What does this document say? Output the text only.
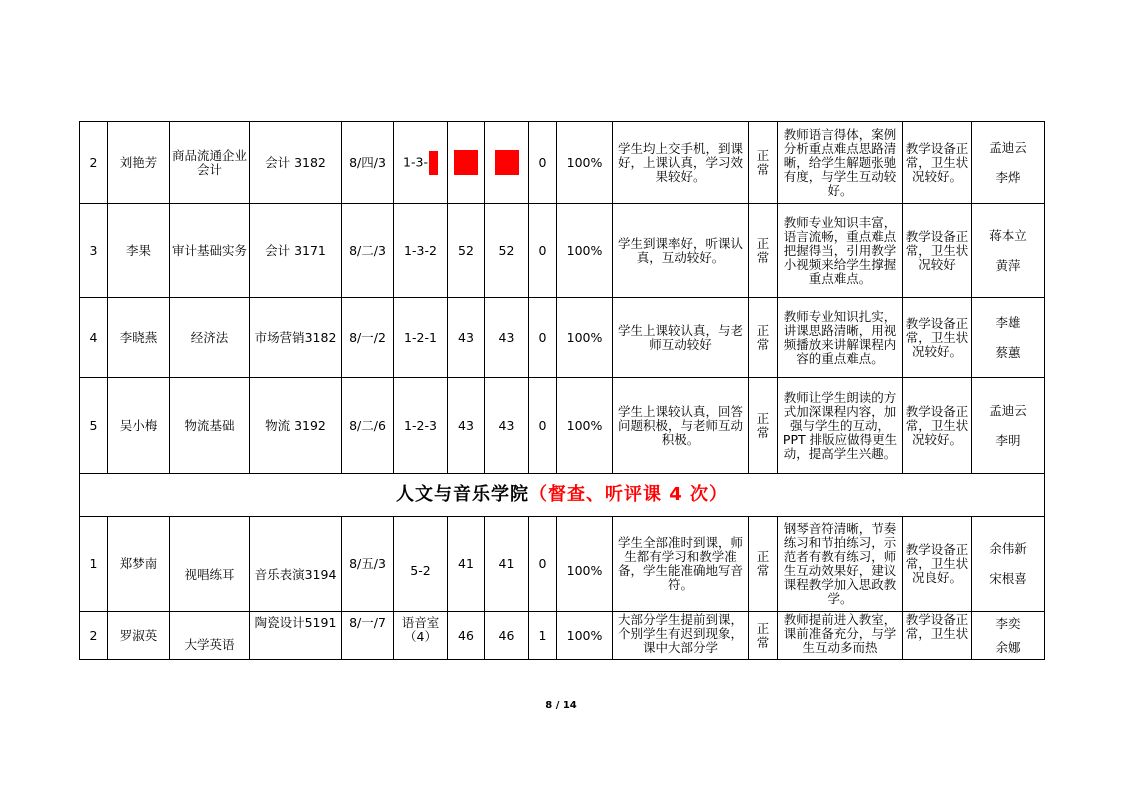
2	刘艳芳	商品流通企业会计	会计 3182	8/四/3	1-3-			0	100%	学生均上交手机，到课好，上课认真，学习效果较好。	正常	教师语言得体，案例分析重点难点思路清晰，给学生解题张驰有度，与学生互动较好。	教学设备正常，卫生状况较好。	孟迪云
李烨

3	李果	审计基础实务	会计 3171	8/二/3	1-3-2	52	52	0	100%	学生到课率好，听课认真，互动较好。	正常	教师专业知识丰富，语言流畅，重点难点把握得当，引用教学小视频来给学生撑握重点难点。	教学设备正常，卫生状况较好	蒋本立
黄萍

4	李晓燕	经济法	市场营销3182	8/一/2	1-2-1	43	43	0	100%	学生上课较认真，与老师互动较好	正常	教师专业知识扎实，讲课思路清晰，用视频播放来讲解课程内容的重点难点。	教学设备正常，卫生状况较好。	李雄
蔡蕙

5	吴小梅	物流基础	物流 3192	8/二/6	1-2-3	43	43	0	100%	学生上课较认真，回答问题积极，与老师互动积极。	正常	教师让学生朗读的方式加深课程内容，加强与学生的互动，PPT 排版应做得更生动，提高学生兴趣。	教学设备正常，卫生状况较好。	孟迪云
李明

人文与音乐学院（督查、听评课 4 次）														
1	郑梦南	视唱练耳	音乐表演3194	8/五/3	5-2	41	41	0	100%	学生全部准时到课，师生都有学习和教学准备，学生能准确地写音符。	正常	钢琴音符清晰，节奏练习和节拍练习，示范者有教有练习，师生互动效果好，建议课程教学加入思政教学。	教学设备正常，卫生状况良好。	余伟新
宋根喜

2	罗淑英	大学英语	陶瓷设计5191	8/一/7	语音室（4）	46	46	1	100%	大部分学生提前到课，个别学生有迟到现象，课中大部分学	正常	教师提前进入教室，课前准备充分，与学生互动多而热	教学设备正常，卫生状	李奕
余娜
8 / 14
